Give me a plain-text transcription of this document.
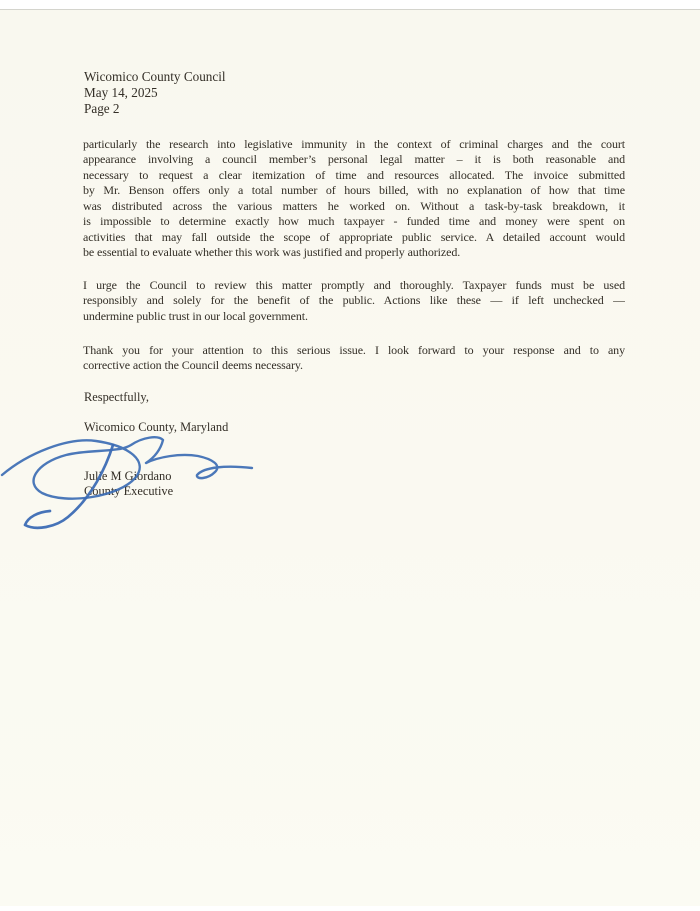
Wicomico County Council
May 14, 2025
Page 2
particularly the research into legislative immunity in the context of criminal charges and the court
appearance involving a council member’s personal legal matter – it is both reasonable and
necessary to request a clear itemization of time and resources allocated. The invoice submitted
by Mr. Benson offers only a total number of hours billed, with no explanation of how that time
was distributed across the various matters he worked on. Without a task-by-task breakdown, it
is impossible to determine exactly how much taxpayer - funded time and money were spent on
activities that may fall outside the scope of appropriate public service. A detailed account would
be essential to evaluate whether this work was justified and properly authorized.
I urge the Council to review this matter promptly and thoroughly. Taxpayer funds must be used
responsibly and solely for the benefit of the public. Actions like these — if left unchecked —
undermine public trust in our local government.
Thank you for your attention to this serious issue. I look forward to your response and to any
corrective action the Council deems necessary.
Respectfully,
Wicomico County, Maryland
Julie M Giordano
County Executive
